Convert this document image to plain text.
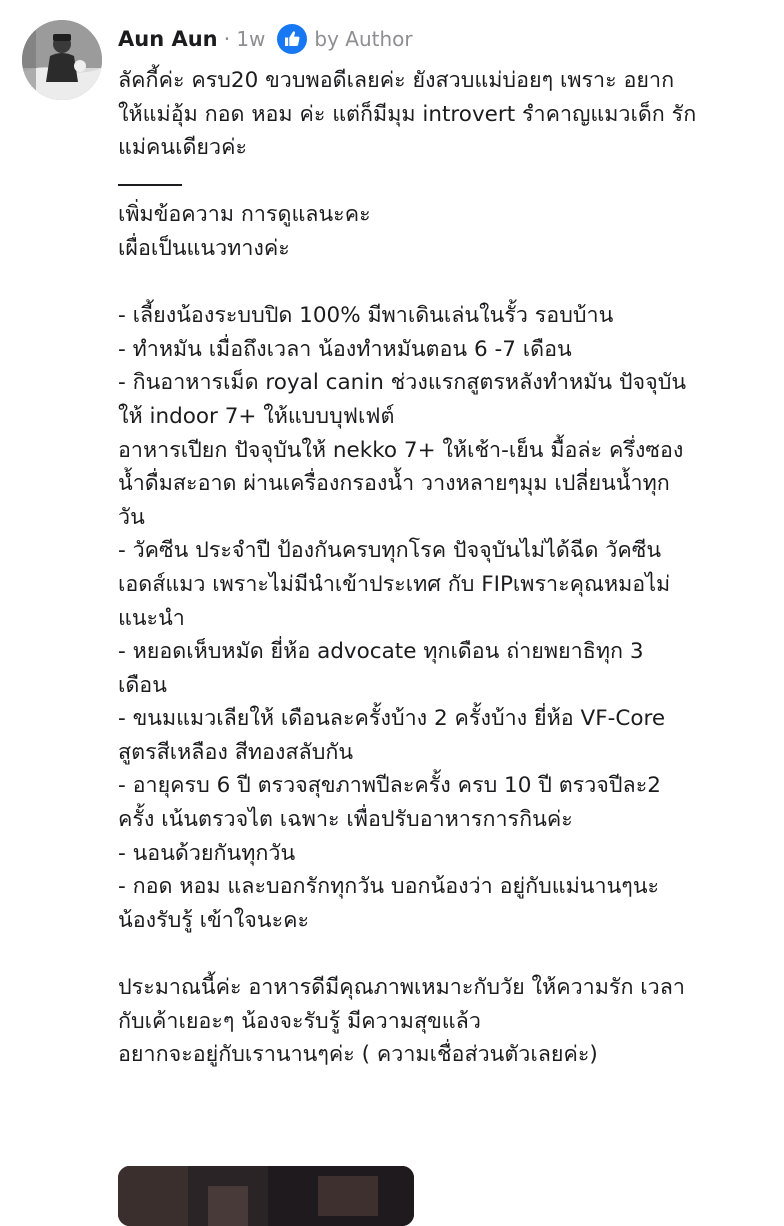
Aun Aun · 1w by Author
ลัคกี้ค่ะ ครบ20 ขวบพอดีเลยค่ะ ยังสวบแม่บ่อยๆ เพราะ อยาก
ให้แม่อุ้ม กอด หอม ค่ะ แต่ก็มีมุม introvert รำคาญแมวเด็ก รัก
แม่คนเดียวค่ะ
เพิ่มข้อความ การดูแลนะคะ
เผื่อเป็นแนวทางค่ะ
- เลี้ยงน้องระบบปิด 100% มีพาเดินเล่นในรั้ว รอบบ้าน
- ทำหมัน เมื่อถึงเวลา น้องทำหมันตอน 6 -7 เดือน
- กินอาหารเม็ด royal canin ช่วงแรกสูตรหลังทำหมัน ปัจจุบัน
ให้ indoor 7+ ให้แบบบุฟเฟต์
อาหารเปียก ปัจจุบันให้ nekko 7+ ให้เช้า-เย็น มื้อล่ะ ครึ่งซอง
น้ำดื่มสะอาด ผ่านเครื่องกรองน้ำ วางหลายๆมุม เปลี่ยนน้ำทุก
วัน
- วัคซีน ประจำปี ป้องกันครบทุกโรค ปัจจุบันไม่ได้ฉีด วัคซีน
เอดส์แมว เพราะไม่มีนำเข้าประเทศ กับ FIPเพราะคุณหมอไม่
แนะนำ
- หยอดเห็บหมัด ยี่ห้อ advocate ทุกเดือน ถ่ายพยาธิทุก 3
เดือน
- ขนมแมวเลียให้ เดือนละครั้งบ้าง 2 ครั้งบ้าง ยี่ห้อ VF-Core
สูตรสีเหลือง สีทองสลับกัน
- อายุครบ 6 ปี ตรวจสุขภาพปีละครั้ง ครบ 10 ปี ตรวจปีละ2
ครั้ง เน้นตรวจไต เฉพาะ เพื่อปรับอาหารการกินค่ะ
- นอนด้วยกันทุกวัน
- กอด หอม และบอกรักทุกวัน บอกน้องว่า อยู่กับแม่นานๆนะ
น้องรับรู้ เข้าใจนะคะ
ประมาณนี้ค่ะ อาหารดีมีคุณภาพเหมาะกับวัย ให้ความรัก เวลา
กับเค้าเยอะๆ น้องจะรับรู้ มีความสุขแล้ว
อยากจะอยู่กับเรานานๆค่ะ ( ความเชื่อส่วนตัวเลยค่ะ)
